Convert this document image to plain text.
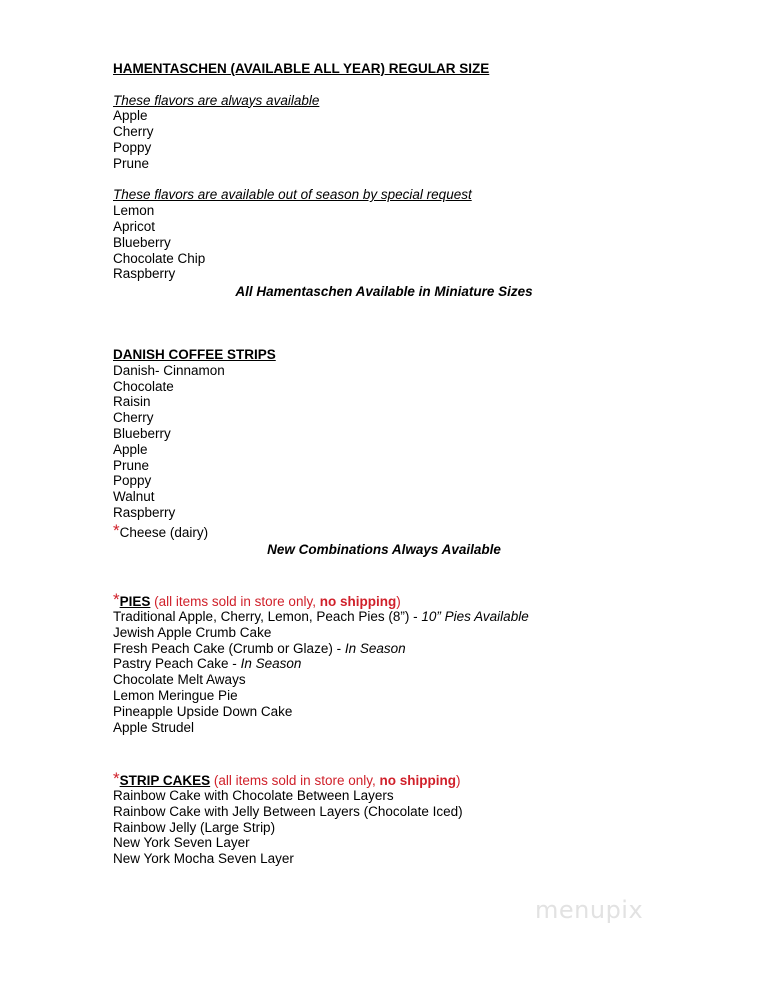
HAMENTASCHEN (AVAILABLE ALL YEAR) REGULAR SIZE
These flavors are always available
Apple
Cherry
Poppy
Prune
These flavors are available out of season by special request
Lemon
Apricot
Blueberry
Chocolate Chip
Raspberry
All Hamentaschen Available in Miniature Sizes
DANISH COFFEE STRIPS
Danish- Cinnamon
Chocolate
Raisin
Cherry
Blueberry
Apple
Prune
Poppy
Walnut
Raspberry
*Cheese (dairy)
New Combinations Always Available
*PIES (all items sold in store only, no shipping)
Traditional Apple, Cherry, Lemon, Peach Pies (8”) - 10” Pies Available
Jewish Apple Crumb Cake
Fresh Peach Cake (Crumb or Glaze) - In Season
Pastry Peach Cake - In Season
Chocolate Melt Aways
Lemon Meringue Pie
Pineapple Upside Down Cake
Apple Strudel
*STRIP CAKES (all items sold in store only, no shipping)
Rainbow Cake with Chocolate Between Layers
Rainbow Cake with Jelly Between Layers (Chocolate Iced)
Rainbow Jelly (Large Strip)
New York Seven Layer
New York Mocha Seven Layer
menupix
